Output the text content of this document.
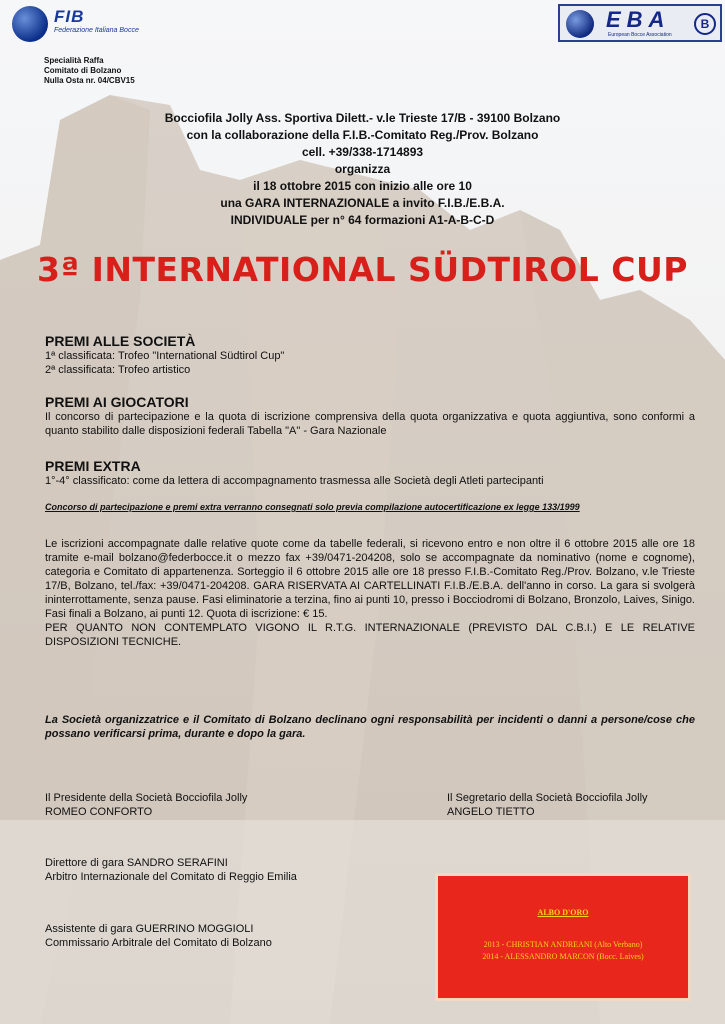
FIB
Federazione Italiana Bocce	EBA
European Bocce Association
B
Specialità Raffa
Comitato di Bolzano
Nulla Osta nr. 04/CBV15
Bocciofila Jolly Ass. Sportiva Dilett.- v.le Trieste 17/B - 39100 Bolzano
con la collaborazione della F.I.B.-Comitato Reg./Prov. Bolzano
cell. +39/338-1714893
organizza
il 18 ottobre 2015 con inizio alle ore 10
una GARA INTERNAZIONALE a invito F.I.B./E.B.A.
INDIVIDUALE per n° 64 formazioni A1-A-B-C-D
3ª INTERNATIONAL SÜDTIROL CUP
PREMI ALLE SOCIETÀ
1ª classificata: Trofeo "International Südtirol Cup"
2ª classificata: Trofeo artistico
PREMI AI GIOCATORI
Il concorso di partecipazione e la quota di iscrizione comprensiva della quota organizzativa e quota aggiuntiva, sono conformi a quanto stabilito dalle disposizioni federali Tabella "A" - Gara Nazionale
PREMI EXTRA
1°-4° classificato: come da lettera di accompagnamento trasmessa alle Società degli Atleti partecipanti
Concorso di partecipazione e premi extra verranno consegnati solo previa compilazione autocertificazione ex legge 133/1999
Le iscrizioni accompagnate dalle relative quote come da tabelle federali, si ricevono entro e non oltre il 6 ottobre 2015 alle ore 18 tramite e-mail bolzano@federbocce.it o mezzo fax +39/0471-204208, solo se accompagnate da nominativo (nome e cognome), categoria e Comitato di appartenenza. Sorteggio il 6 ottobre 2015 alle ore 18 presso F.I.B.-Comitato Reg./Prov. Bolzano, v.le Trieste 17/B, Bolzano, tel./fax: +39/0471-204208. GARA RISERVATA AI CARTELLINATI F.I.B./E.B.A. dell'anno in corso. La gara si svolgerà ininterrottamente, senza pause. Fasi eliminatorie a terzina, fino ai punti 10, presso i Bocciodromi di Bolzano, Bronzolo, Laives, Sinigo. Fasi finali a Bolzano, ai punti 12. Quota di iscrizione: € 15.
PER QUANTO NON CONTEMPLATO VIGONO IL R.T.G. INTERNAZIONALE (PREVISTO DAL C.B.I.) E LE RELATIVE DISPOSIZIONI TECNICHE.
La Società organizzatrice e il Comitato di Bolzano declinano ogni responsabilità per incidenti o danni a persone/cose che possano verificarsi prima, durante e dopo la gara.
Il Presidente della Società Bocciofila Jolly
ROMEO CONFORTO
Il Segretario della Società Bocciofila Jolly
ANGELO TIETTO
Direttore di gara SANDRO SERAFINI
Arbitro Internazionale del Comitato di Reggio Emilia
Assistente di gara GUERRINO MOGGIOLI
Commissario Arbitrale del Comitato di Bolzano
ALBO D'ORO
2013 - CHRISTIAN ANDREANI (Alto Verbano)
2014 - ALESSANDRO MARCON (Bocc. Laives)
